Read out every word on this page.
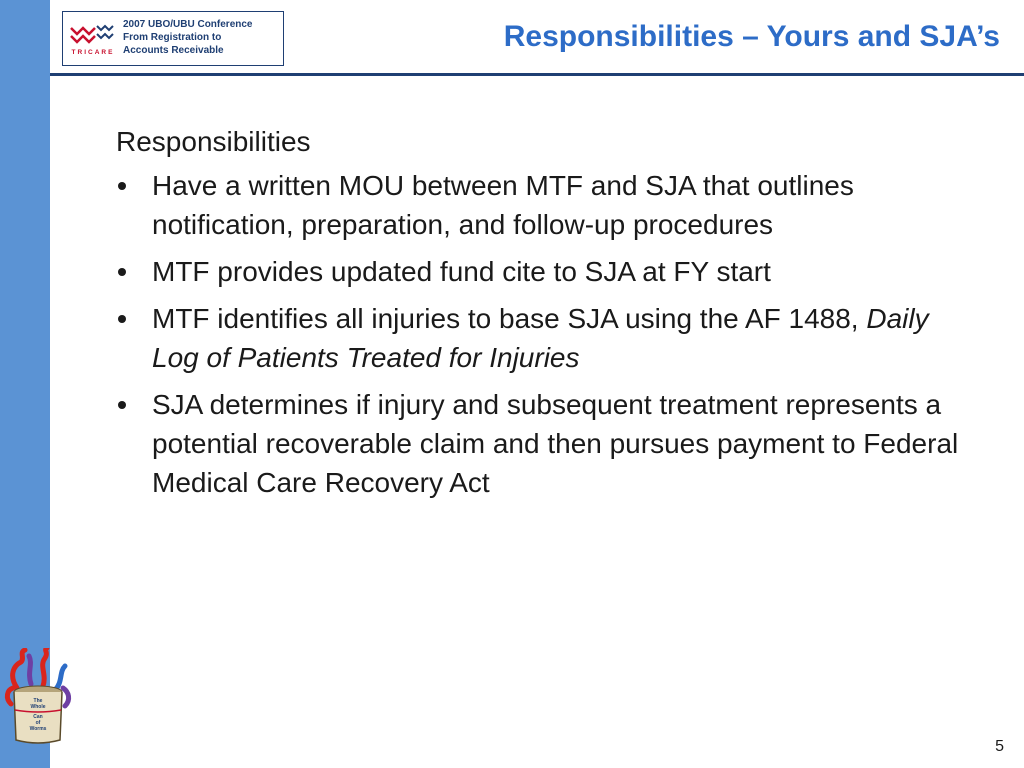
TRICARE
2007 UBO/UBU Conference
From Registration to
Accounts Receivable	Responsibilities – Yours and SJA’s

Responsibilities

Have a written MOU between MTF and SJA that outlines notification, preparation, and follow-up procedures
MTF provides updated fund cite to SJA at FY start
MTF identifies all injuries to base SJA using the AF 1488, Daily Log of Patients Treated for Injuries
SJA determines if injury and subsequent treatment represents a potential recoverable claim and then pursues payment to Federal Medical Care Recovery Act
The
Whole
Can
of
Worms
5
